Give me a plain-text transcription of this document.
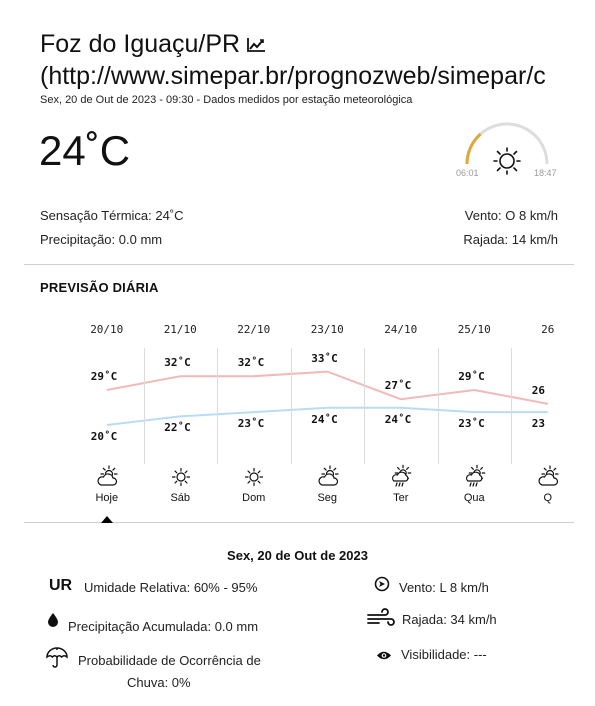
Foz do Iguaçu/PR
(http://www.simepar.br/prognozweb/simepar/c
Sex, 20 de Out de 2023 - 09:30 - Dados medidos por estação meteorológica
24˚C	06:01	18:47
Sensação Térmica: 24˚C
Precipitação: 0.0 mm
Vento: O 8 km/h
Rajada: 14 km/h
PREVISÃO DIÁRIA
20/10
29˚C
20˚C
Hoje
21/10
32˚C
22˚C
Sáb
22/10
32˚C
23˚C
Dom
23/10
33˚C
24˚C
Seg
24/10
27˚C
24˚C
Ter
25/10
29˚C
23˚C
Qua
26
26
23
Q
Sex, 20 de Out de 2023
UR Umidade Relativa: 60% - 95%
Precipitação Acumulada: 0.0 mm
Probabilidade de Ocorrência de
Chuva: 0%
Vento: L 8 km/h
Rajada: 34 km/h
Visibilidade: ---
